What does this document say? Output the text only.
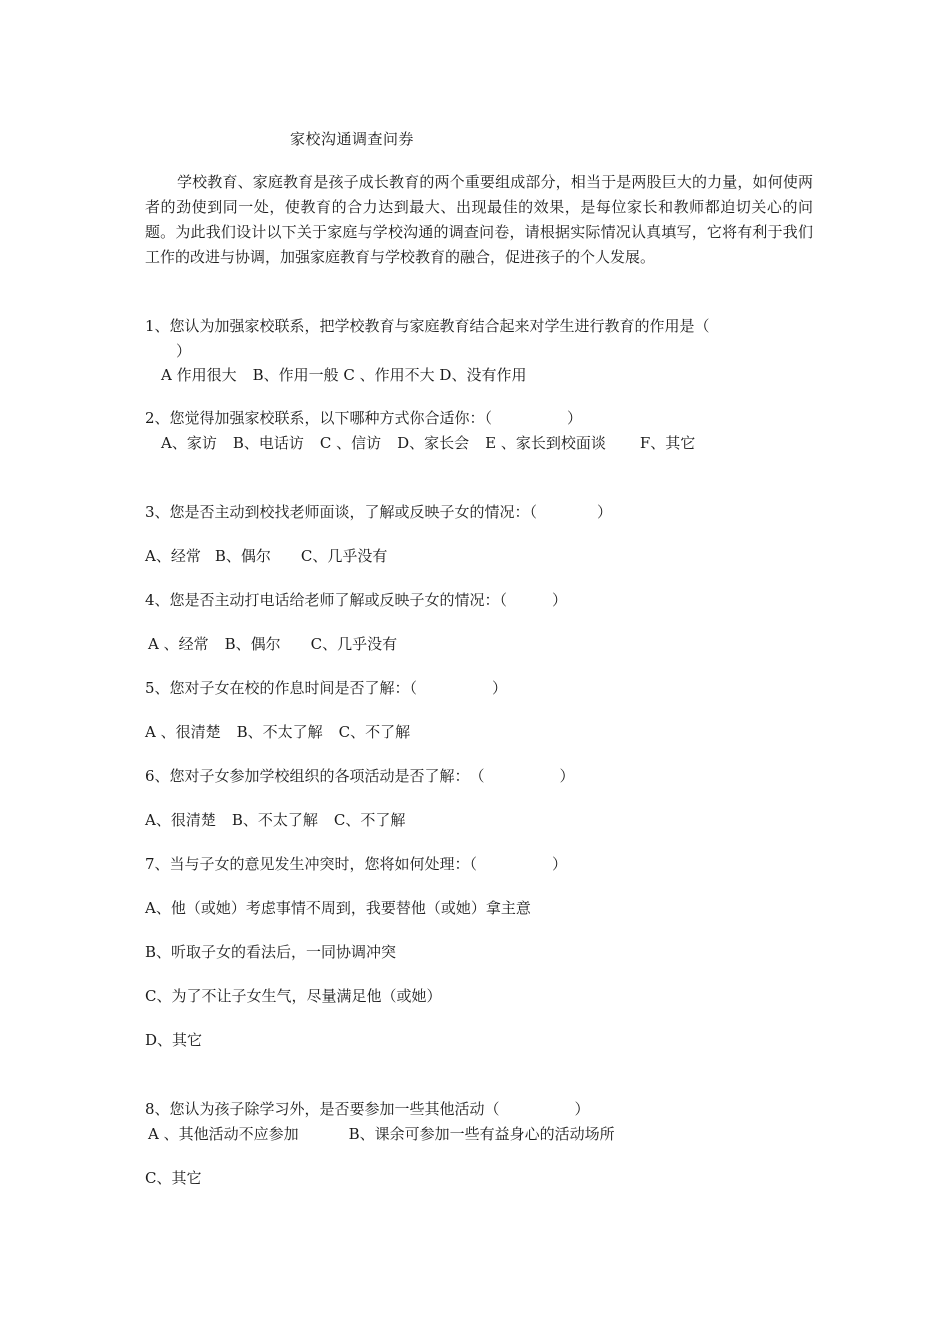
家校沟通调查问券
学校教育、家庭教育是孩子成长教育的两个重要组成部分，相当于是两股巨大的力量，如何使两者的劲使到同一处，使教育的合力达到最大、出现最佳的效果，是每位家长和教师都迫切关心的问题。为此我们设计以下关于家庭与学校沟通的调查问卷，请根据实际情况认真填写，它将有利于我们工作的改进与协调，加强家庭教育与学校教育的融合，促进孩子的个人发展。
1、您认为加强家校联系，把学校教育与家庭教育结合起来对学生进行教育的作用是（
）
A 作用很大 B、作用一般 C 、作用不大 D、没有作用
2、您觉得加强家校联系，以下哪种方式你合适你：（　　　　　）
A、家访 B、电话访 C 、信访 D、家长会 E 、家长到校面谈 F、其它
3、您是否主动到校找老师面谈，了解或反映子女的情况：（　　　　）
A、经常 B、偶尔 C、几乎没有
4、您是否主动打电话给老师了解或反映子女的情况：（　　　）
A 、经常 B、偶尔 C、几乎没有
5、您对子女在校的作息时间是否了解：（　　　　　）
A 、很清楚 B、不太了解 C、不了解
6、您对子女参加学校组织的各项活动是否了解：　（　　　　　）
A、很清楚 B、不太了解 C、不了解
7、当与子女的意见发生冲突时，您将如何处理：（　　　　　）
A、他（或她）考虑事情不周到，我要替他（或她）拿主意
B、听取子女的看法后，一同协调冲突
C、为了不让子女生气，尽量满足他（或她）
D、其它
8、您认为孩子除学习外，是否要参加一些其他活动（　　　　　）
A 、其他活动不应参加	B、课余可参加一些有益身心的活动场所
C、其它
